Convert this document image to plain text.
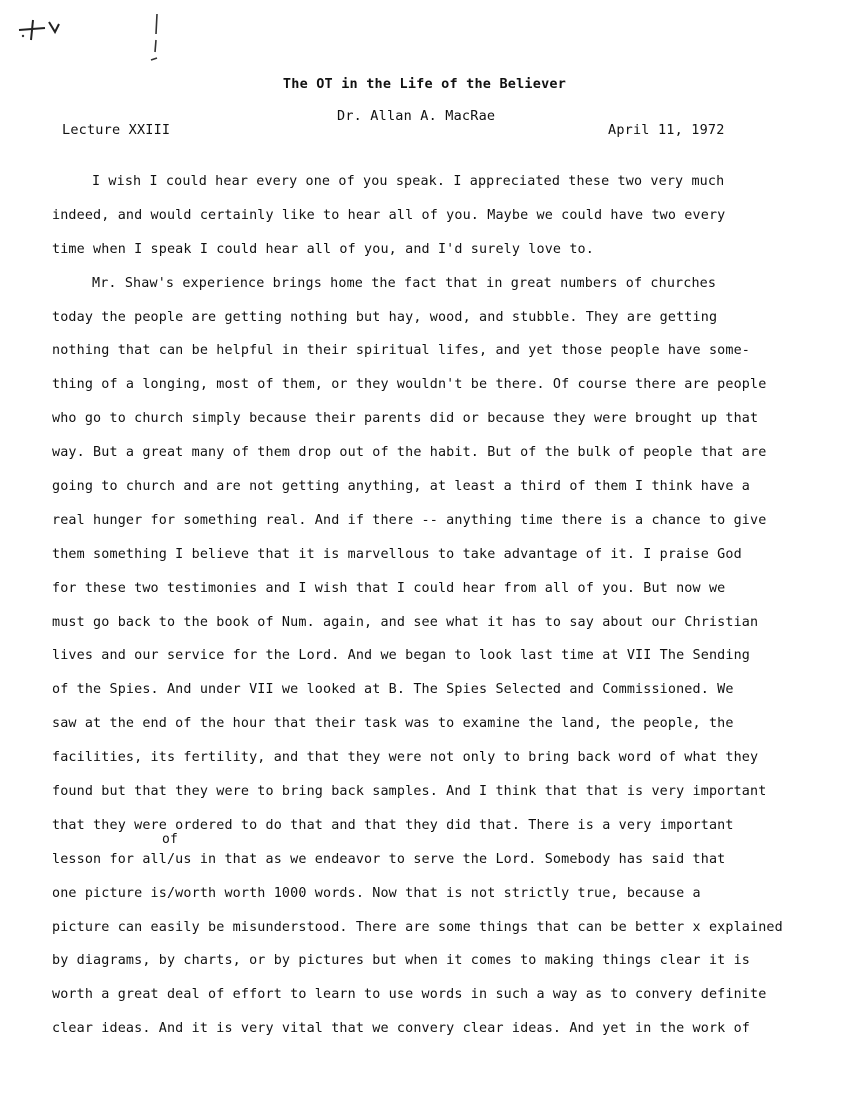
The OT in the Life of the Believer
Dr. Allan A. MacRae
Lecture XXIII	April 11, 1972
I wish I could hear every one of you speak. I appreciated these two very much
indeed, and would certainly like to hear all of you. Maybe we could have two every
time when I speak I could hear all of you, and I'd surely love to.
Mr. Shaw's experience brings home the fact that in great numbers of churches
today the people are getting nothing but hay, wood, and stubble. They are getting
nothing that can be helpful in their spiritual lifes, and yet those people have some-
thing of a longing, most of them, or they wouldn't be there. Of course there are people
who go to church simply because their parents did or because they were brought up that
way. But a great many of them drop out of the habit. But of the bulk of people that are
going to church and are not getting anything, at least a third of them I think have a
real hunger for something real. And if there -- anything time there is a chance to give
them something I believe that it is marvellous to take advantage of it. I praise God
for these two testimonies and I wish that I could hear from all of you. But now we
must go back to the book of Num. again, and see what it has to say about our Christian
lives and our service for the Lord. And we began to look last time at VII The Sending
of the Spies. And under VII we looked at B. The Spies Selected and Commissioned. We
saw at the end of the hour that their task was to examine the land, the people, the
facilities, its fertility, and that they were not only to bring back word of what they
found but that they were to bring back samples. And I think that that is very important
that they were ordered to do that and that they did that. There is a very important
lesson for all/us in that as we endeavor to serve the Lord. Somebody has said that
one picture is/worth worth 1000 words. Now that is not strictly true, because a
picture can easily be misunderstood. There are some things that can be better x explained
by diagrams, by charts, or by pictures but when it comes to making things clear it is
worth a great deal of effort to learn to use words in such a way as to convery definite
clear ideas. And it is very vital that we convery clear ideas. And yet in the work of
of
